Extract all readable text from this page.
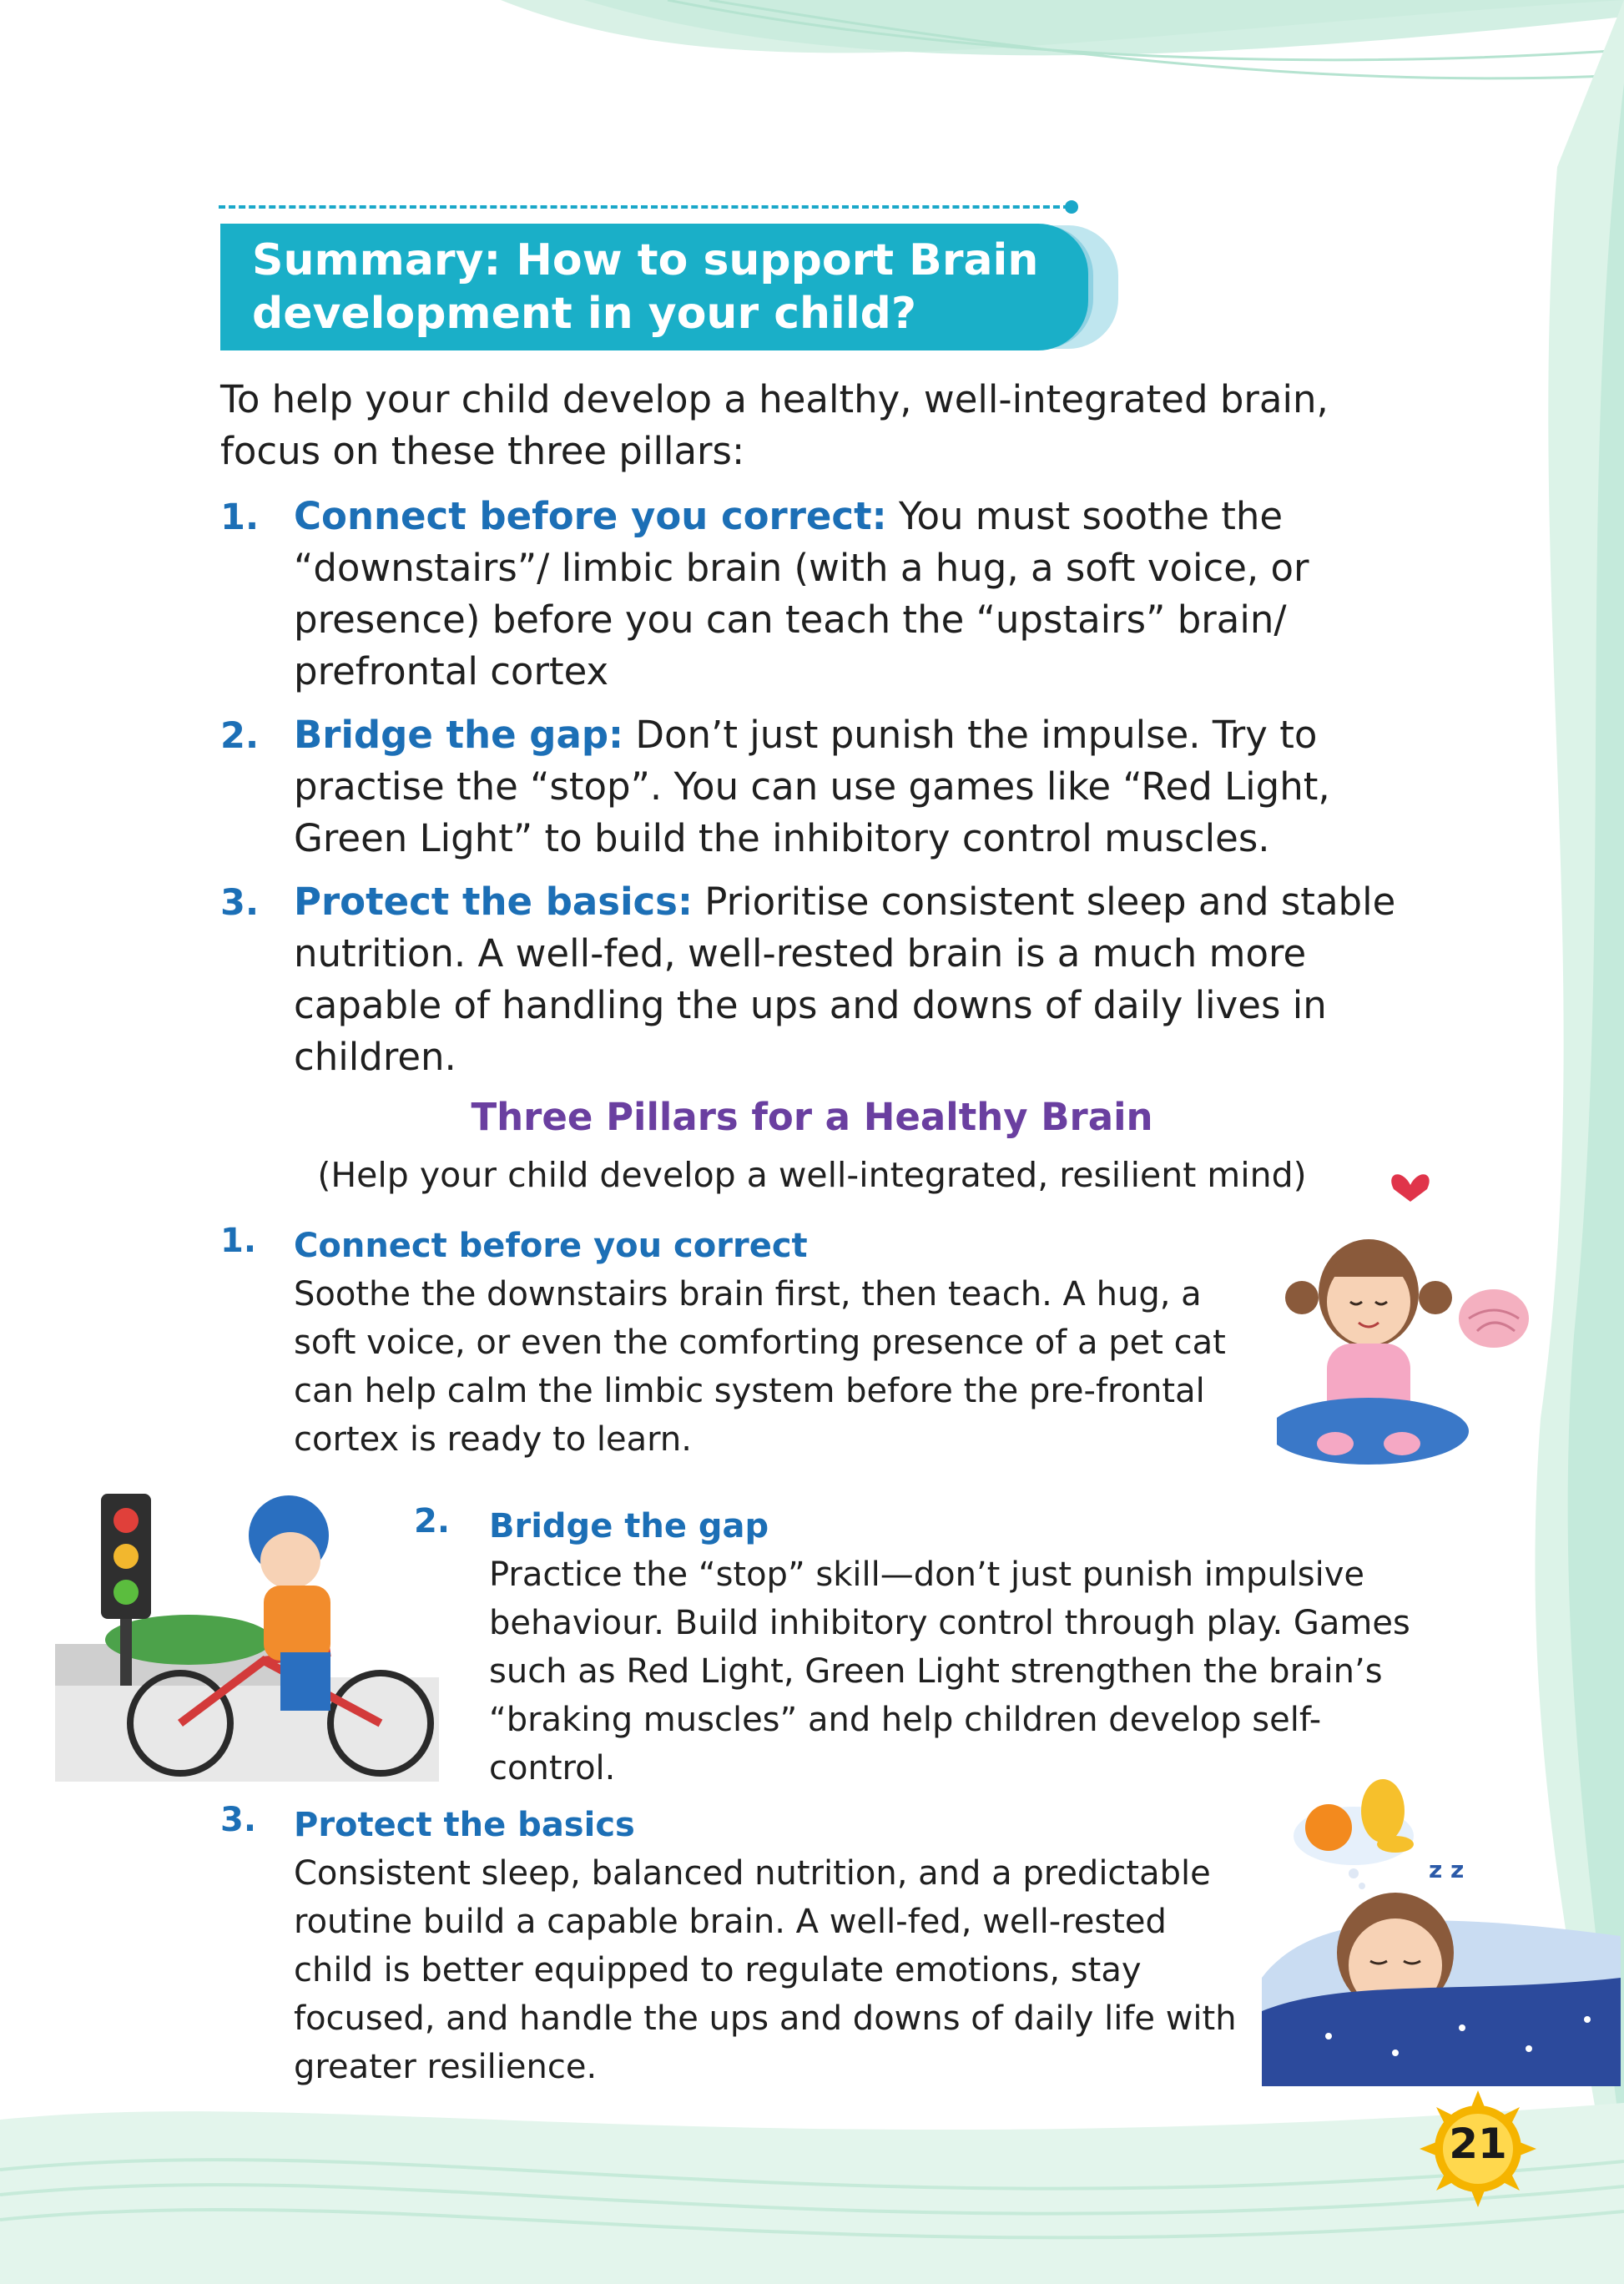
Summary: How to support Brain development in your child?
To help your child develop a healthy, well-integrated brain, focus on these three pillars:
1. Connect before you correct: You must soothe the “downstairs”/ limbic brain (with a hug, a soft voice, or presence) before you can teach the “upstairs” brain/ prefrontal cortex
2. Bridge the gap: Don’t just punish the impulse. Try to practise the “stop”. You can use games like “Red Light, Green Light” to build the inhibitory control muscles.
3. Protect the basics: Prioritise consistent sleep and stable nutrition. A well-fed, well-rested brain is a much more capable of handling the ups and downs of daily lives in children.
Three Pillars for a Healthy Brain
(Help your child develop a well-integrated, resilient mind)
1. Connect before you correct
Soothe the downstairs brain first, then teach. A hug, a soft voice, or even the comforting presence of a pet cat can help calm the limbic system before the pre-frontal cortex is ready to learn.
2. Bridge the gap
Practice the “stop” skill—don’t just punish impulsive behaviour. Build inhibitory control through play. Games such as Red Light, Green Light strengthen the brain’s “braking muscles” and help children develop self-control.
3. Protect the basics
Consistent sleep, balanced nutrition, and a predictable routine build a capable brain. A well-fed, well-rested child is better equipped to regulate emotions, stay focused, and handle the ups and downs of daily life with greater resilience.
z z
21
